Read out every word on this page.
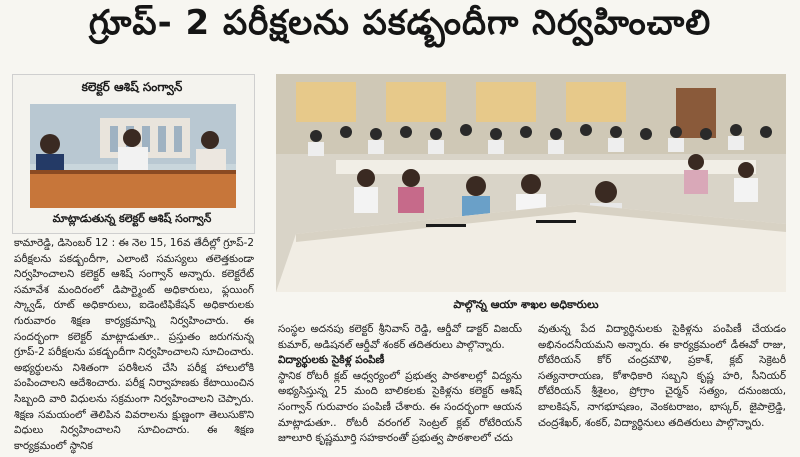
గ్రూప్- 2 పరీక్షలను పకడ్బందీగా నిర్వహించాలి
కలెక్టర్ ఆశిష్ సంగ్వాన్
మాట్లాడుతున్న కలెక్టర్ ఆశిష్ సంగ్వాన్
పాల్గొన్న ఆయా శాఖల అధికారులు

కామారెడ్డి, డిసెంబర్ 12 : ఈ నెల 15, 16వ తేదీల్లో గ్రూప్-2 పరీక్షలను పకడ్బందీగా, ఎలాంటి సమస్యలు తలెత్తకుండా నిర్వహించాలని కలెక్టర్ ఆశిష్ సంగ్వాన్ అన్నారు. కలెక్టరేట్ సమావేశ మందిరంలో డిపార్ట్మెంట్ అధికారులు, ఫ్లయింగ్ స్క్వాడ్, రూట్ అధికారులు, ఐడెంటిఫికేషన్ అధికారులకు గురువారం శిక్షణ కార్యక్రమాన్ని నిర్వహించారు. ఈ సందర్భంగా కలెక్టర్ మాట్లాడుతూ.. ప్రస్తుతం జరుగనున్న గ్రూప్-2 పరీక్షలను పకడ్బందీగా నిర్వహించాలని సూచించారు. అభ్యర్థులను నిశితంగా పరిశీలన చేసి పరీక్ష హాలులోకి పంపించాలని ఆదేశించారు. పరీక్ష నిర్వాహణకు కేటాయించిన సిబ్బంది వారి విధులను సక్రమంగా నిర్వహించాలని చెప్పారు. శిక్షణ సమయంలో తెలిపిన వివరాలను క్షుణ్ణంగా తెలుసుకొని విధులు నిర్వహించాలని సూచించారు. ఈ శిక్షణ కార్యక్రమంలో స్థానిక

సంస్థల అదనపు కలెక్టర్ శ్రీనివాస్ రెడ్డి, ఆర్డీవో డాక్టర్ విజయ్ కుమార్, అడిషనల్ ఆర్డీవో శంకర్ తదితరులు పాల్గొన్నారు.

విద్యార్థులకు సైకిళ్ల పంపిణీ

స్థానిక రోటరీ క్లబ్ ఆధ్వర్యంలో ప్రభుత్వ పాఠశాలల్లో విద్యను అభ్యసిస్తున్న 25 మంది బాలికలకు సైకిళ్లను కలెక్టర్ ఆశిష్ సంగ్వాన్ గురువారం పంపిణీ చేశారు. ఈ సందర్భంగా ఆయన మాట్లాడుతూ.. రోటరీ వరంగల్ సెంట్రల్ క్లబ్ రోటేరియన్ జూలూరి కృష్ణమూర్తి సహకారంతో ప్రభుత్వ పాఠశాలలో చదు

వుతున్న పేద విద్యార్థినులకు సైకిళ్లను పంపిణీ చేయడం అభినందనీయమని అన్నారు. ఈ కార్యక్రమంలో డీఈవో రాజు, రోటేరియన్ కోర్ చంద్రమౌళి, ప్రకాశ్, క్లబ్ సెక్రెటరీ సత్యనారాయణ, కోశాధికారి సబ్బని కృష్ణ హరి, సీనియర్ రోటేరియన్ శ్రీశైలం, ప్రోగ్రాం చైర్మన్ సత్యం, దనుంజయ, బాలకిషన్, నాగభూషణం, వెంకటరాజం, భాస్కర్, జైపాల్రెడ్డి, చంద్రశేఖర్, శంకర్, విద్యార్థినులు తదితరులు పాల్గొన్నారు.
